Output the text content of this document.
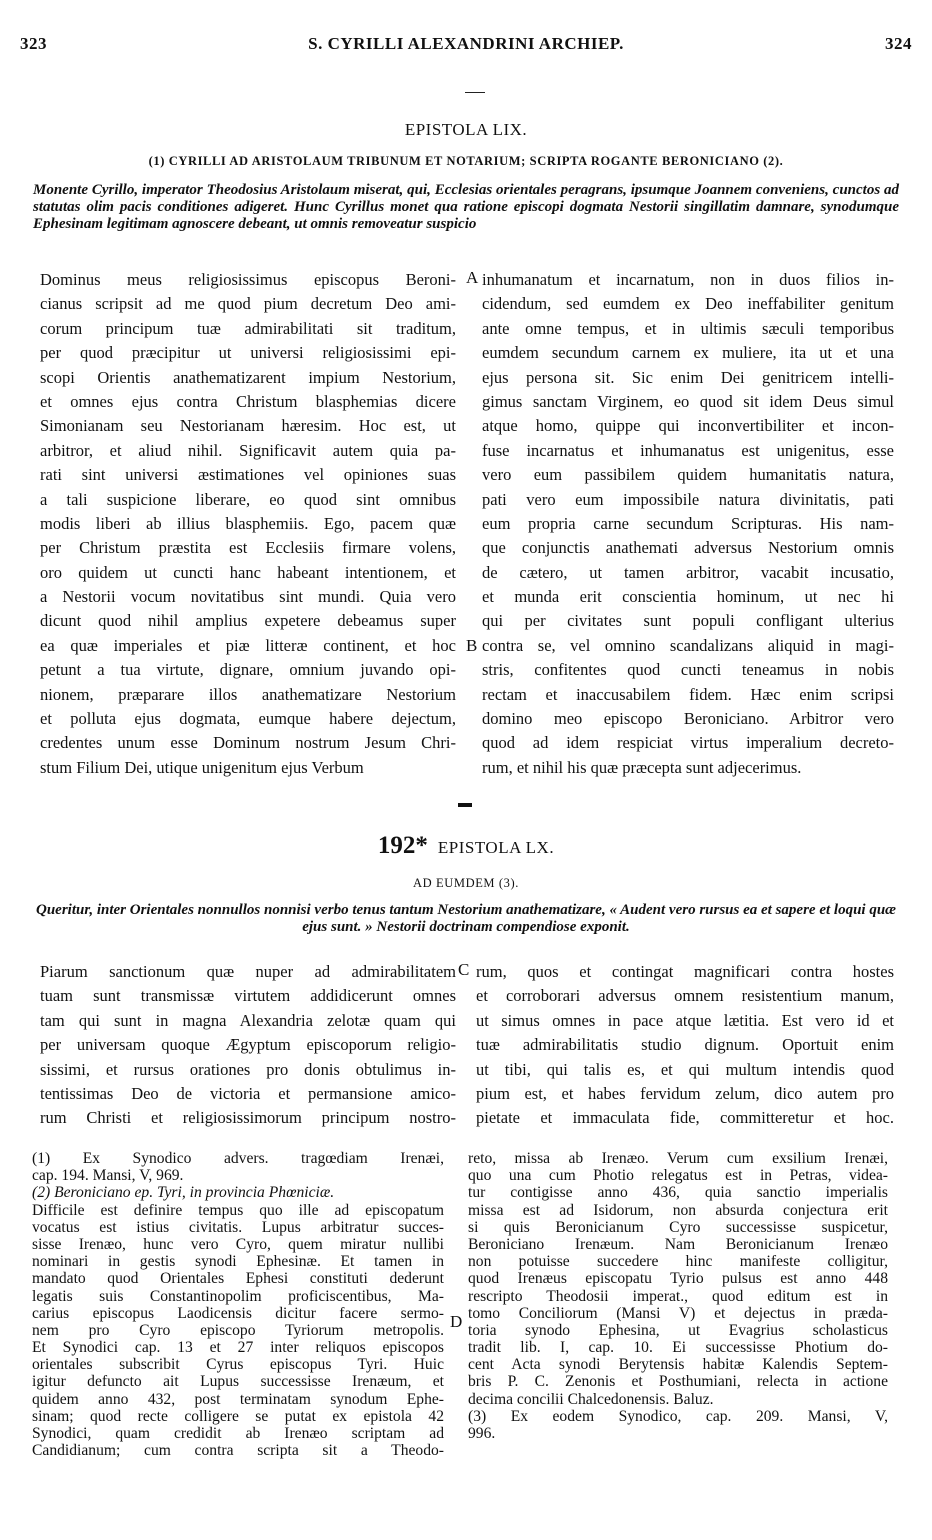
323	S. CYRILLI ALEXANDRINI ARCHIEP.	324
EPISTOLA LIX.
(1) CYRILLI AD ARISTOLAUM TRIBUNUM ET NOTARIUM; SCRIPTA ROGANTE BERONICIANO (2).
Monente Cyrillo, imperator Theodosius Aristolaum miserat, qui, Ecclesias orientales peragrans, ipsumque Joannem conveniens, cunctos ad statutas olim pacis conditiones adigeret. Hunc Cyrillus monet qua ratione episcopi dogmata Nestorii singillatim damnare, synodumque Ephesinam legitimam agnoscere debeant, ut omnis removeatur suspicio
Dominus meus religiosissimus episcopus Beroni-
cianus scripsit ad me quod pium decretum Deo ami-
corum principum tuæ admirabilitati sit traditum,
per quod præcipitur ut universi religiosissimi epi-
scopi Orientis anathematizarent impium Nestorium,
et omnes ejus contra Christum blasphemias dicere
Simonianam seu Nestorianam hæresim. Hoc est, ut
arbitror, et aliud nihil. Significavit autem quia pa-
rati sint universi æstimationes vel opiniones suas
a tali suspicione liberare, eo quod sint omnibus
modis liberi ab illius blasphemiis. Ego, pacem quæ
per Christum præstita est Ecclesiis firmare volens,
oro quidem ut cuncti hanc habeant intentionem, et
a Nestorii vocum novitatibus sint mundi. Quia vero
dicunt quod nihil amplius expetere debeamus super
ea quæ imperiales et piæ litteræ continent, et hoc
petunt a tua virtute, dignare, omnium juvando opi-
nionem, præparare illos anathematizare Nestorium
et polluta ejus dogmata, eumque habere dejectum,
credentes unum esse Dominum nostrum Jesum Chri-
stum Filium Dei, utique unigenitum ejus Verbum
A
B
inhumanatum et incarnatum, non in duos filios in-
cidendum, sed eumdem ex Deo ineffabiliter genitum
ante omne tempus, et in ultimis sæculi temporibus
eumdem secundum carnem ex muliere, ita ut et una
ejus persona sit. Sic enim Dei genitricem intelli-
gimus sanctam Virginem, eo quod sit idem Deus simul
atque homo, quippe qui inconvertibiliter et incon-
fuse incarnatus et inhumanatus est unigenitus, esse
vero eum passibilem quidem humanitatis natura,
pati vero eum impossibile natura divinitatis, pati
eum propria carne secundum Scripturas. His nam-
que conjunctis anathemati adversus Nestorium omnis
de cætero, ut tamen arbitror, vacabit incusatio,
et munda erit conscientia hominum, ut nec hi
qui per civitates sunt populi confligant ulterius
contra se, vel omnino scandalizans aliquid in magi-
stris, confitentes quod cuncti teneamus in nobis
rectam et inaccusabilem fidem. Hæc enim scripsi
domino meo episcopo Beroniciano. Arbitror vero
quod ad idem respiciat virtus imperalium decreto-
rum, et nihil his quæ præcepta sunt adjecerimus.
192* EPISTOLA LX.
AD EUMDEM (3).
Queritur, inter Orientales nonnullos nonnisi verbo tenus tantum Nestorium anathematizare, « Audent vero rursus ea et sapere et loqui quæ ejus sunt. » Nestorii doctrinam compendiose exponit.
Piarum sanctionum quæ nuper ad admirabilitatem
tuam sunt transmissæ virtutem addidicerunt omnes
tam qui sunt in magna Alexandria zelotæ quam qui
per universam quoque Ægyptum episcoporum religio-
sissimi, et rursus orationes pro donis obtulimus in-
tentissimas Deo de victoria et permansione amico-
rum Christi et religiosissimorum principum nostro-
C rum, quos et contingat magnificari contra hostes
et corroborari adversus omnem resistentium manum,
ut simus omnes in pace atque lætitia. Est vero id et
tuæ admirabilitatis studio dignum. Oportuit enim
ut tibi, qui talis es, et qui multum intendis quod
pium est, et habes fervidum zelum, dico autem pro
pietate et immaculata fide, committeretur et hoc.
(1) Ex Synodico advers. tragœdiam Irenæi,
cap. 194. Mansi, V, 969.
(2) Beroniciano ep. Tyri, in provincia Phœniciæ.
Difficile est definire tempus quo ille ad episcopatum
vocatus est istius civitatis. Lupus arbitratur succes-
sisse Irenæo, hunc vero Cyro, quem miratur nullibi
nominari in gestis synodi Ephesinæ. Et tamen in
mandato quod Orientales Ephesi constituti dederunt
legatis suis Constantinopolim proficiscentibus, Ma-
carius episcopus Laodicensis dicitur facere sermo-
nem pro Cyro episcopo Tyriorum metropolis.
Et Synodici cap. 13 et 27 inter reliquos episcopos
orientales subscribit Cyrus episcopus Tyri. Huic
igitur defuncto ait Lupus successisse Irenæum, et
quidem anno 432, post terminatam synodum Ephe-
sinam; quod recte colligere se putat ex epistola 42
Synodici, quam credidit ab Irenæo scriptam ad
Candidianum; cum contra scripta sit a Theodo-
D
reto, missa ab Irenæo. Verum cum exsilium Irenæi,
quo una cum Photio relegatus est in Petras, videa-
tur contigisse anno 436, quia sanctio imperialis
missa est ad Isidorum, non absurda conjectura erit
si quis Beronicianum Cyro successisse suspicetur,
Beroniciano Irenæum. Nam Beronicianum Irenæo
non potuisse succedere hinc manifeste colligitur,
quod Irenæus episcopatu Tyrio pulsus est anno 448
rescripto Theodosii imperat., quod editum est in
tomo Conciliorum (Mansi V) et dejectus in præda-
toria synodo Ephesina, ut Evagrius scholasticus
tradit lib. I, cap. 10. Ei successisse Photium do-
cent Acta synodi Berytensis habitæ Kalendis Septem-
bris P. C. Zenonis et Posthumiani, relecta in actione
decima concilii Chalcedonensis. Baluz.
(3) Ex eodem Synodico, cap. 209. Mansi, V,
996.
